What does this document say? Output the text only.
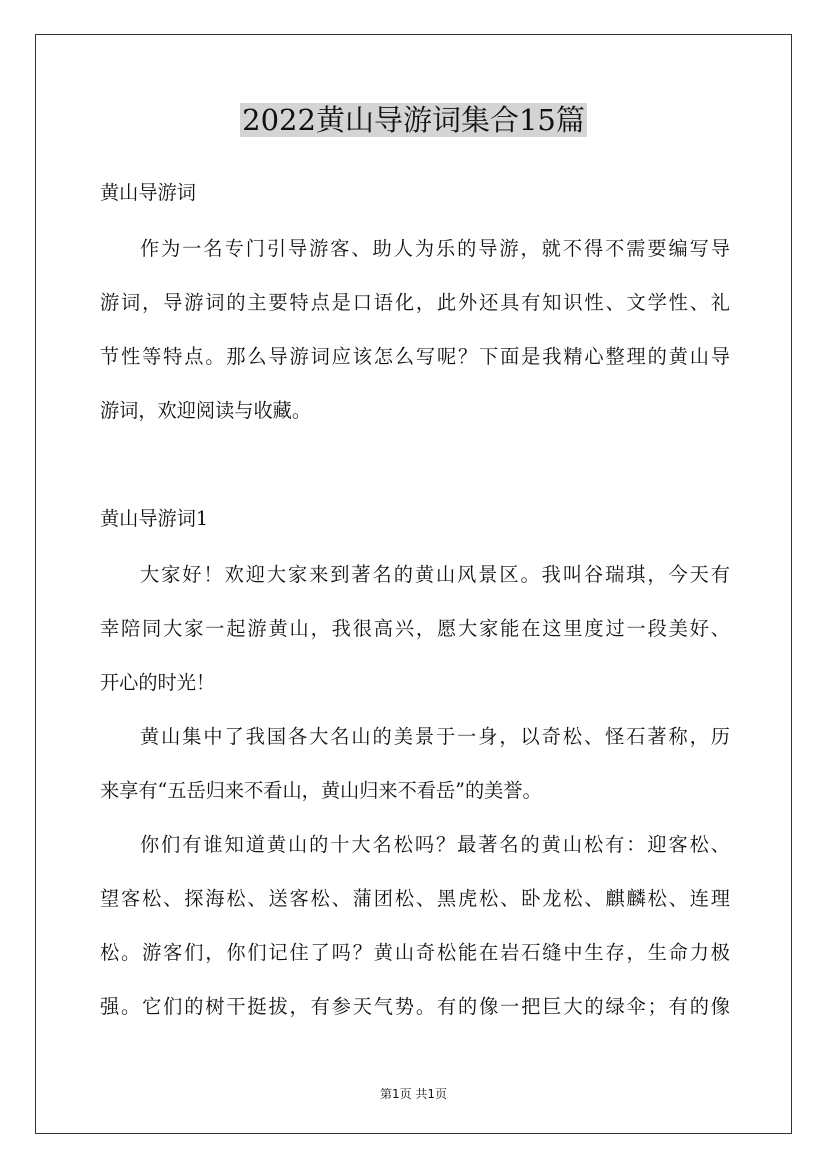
2022黄山导游词集合15篇
黄山导游词
作为一名专门引导游客、助人为乐的导游，就不得不需要编写导
游词，导游词的主要特点是口语化，此外还具有知识性、文学性、礼
节性等特点。那么导游词应该怎么写呢？下面是我精心整理的黄山导
游词，欢迎阅读与收藏。
黄山导游词1
大家好！欢迎大家来到著名的黄山风景区。我叫谷瑞琪，今天有
幸陪同大家一起游黄山，我很高兴，愿大家能在这里度过一段美好、
开心的时光！
黄山集中了我国各大名山的美景于一身，以奇松、怪石著称，历
来享有“五岳归来不看山，黄山归来不看岳”的美誉。
你们有谁知道黄山的十大名松吗？最著名的黄山松有：迎客松、
望客松、探海松、送客松、蒲团松、黑虎松、卧龙松、麒麟松、连理
松。游客们，你们记住了吗？黄山奇松能在岩石缝中生存，生命力极
强。它们的树干挺拔，有参天气势。有的像一把巨大的绿伞；有的像
第1页 共1页
